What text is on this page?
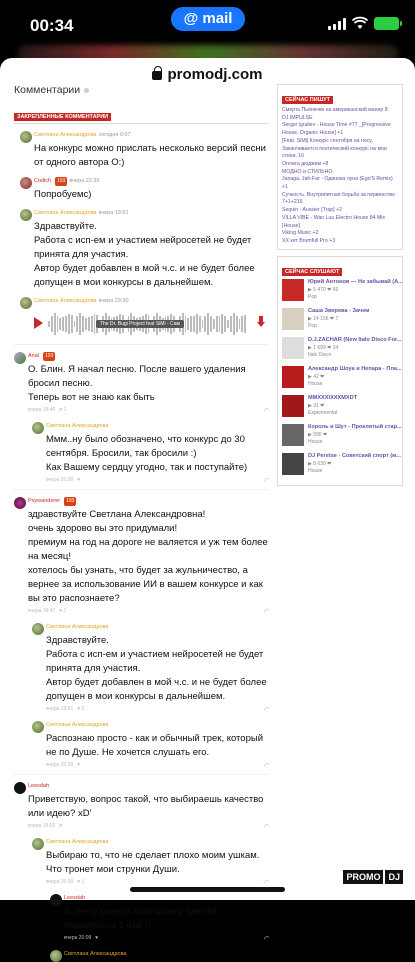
00:34	@ mail
promodj.com
Комментарии
ЗАКРЕПЛЕННЫЕ КОММЕНТАРИИ
Светлана Александрова сегодня 0:07
На конкурс можно прислать несколько версий песни от одного автора О:)
Codich 193 вчера 22:39
Попробуемс)
Светлана Александрова вчера 19:51
Здравствуйте.
Работа с исп-ем и участием нейросетей не будет принята для участия.
Автор будет добавлен в мой ч.с. и не будет более допущен в мои конкурсы в дальнейшем.
Светлана Александрова вчера 23:30
The Dr. Bugi Project feat SiMi - Сам
Anal 193
О. Блин. Я начал песню. После вашего удаления бросил песню.
Теперь вот не знаю как быть
вчера 19:40 ♥ 1	⤺
Светлана Александрова
Ммм..ну было обозначено, что конкурс до 30 сентября. Бросили, так бросили :)
Как Вашему сердцу угодно, так и поступайте)
вчера 20:09 ♥	⤺
Psywanderer 193
здравствуйте Светлана Александровна!
очень здорово вы это придумали!
премиум на год на дороге не валяется и уж тем более на месяц!
хотелось бы узнать, что будет за жульничество, а вернее за использование ИИ в вашем конкурсе и как вы это распознаете?
вчера 19:47 ♥ 1	⤺
Светлана Александрова
Здравствуйте.
Работа с исп-ем и участием нейросетей не будет принята для участия.
Автор будет добавлен в мой ч.с. и не будет более допущен в мои конкурсы в дальнейшем.
вчера 19:51 ♥ 2	⤺
Светлана Александрова
Распознаю просто - как и обычный трек, который не по Душе. Не хочется слушать его.
вчера 20:09 ♥	⤺
Leesdah
Приветствую, вопрос такой, что выбираешь качество или идею? xD'
вчера 19:52 ♥	⤺
Светлана Александрова
Выбираю то, что не сделает плохо моим ушкам. Что тронет мои струнки Души.
вчера 20:00 ♥ 1	⤺
Leesdah
В личку скинул колибровку сделай пожалуйста 1 или 0
вчера 20:09 ♥	⤺
Светлана Александрова
СЕЙЧАС ПИШУТ
Смерть Пьянечки на американский манер 8
DJ IMPULSE
Sergei Igraliev - House Time #77 _[Progressive House, Organic House] +1
[Feat. SiMi] Конкурс сентября на носу. Заканчивается поэтический конкурс на мои стихи. 16
Оплата дюджем +8
МОДНО и СТИЛЬНО
Janaga, Jah-Far - Одинока луна (Ego'S Remix) +1
Сучкость. Внутрипитная борьба за первенство 7+1+216
Sequin - Aussier [Trap] +2
VILLA VIBE - Wan Luu Electro House 84 Mix [House]
Viking Music +2
XX кет Brumfull Pro +3
СЕЙЧАС СЛУШАЮТ
Юрий Антонов — Не забывай (А...
▶ 5 470 ❤ 69
Pop
Саша Зверева - Зачем
▶ 14 156 ❤ 7
Pop
D.J.ZACHAR (New Italo Disco For...
▶ 1 699 ❤ 24
Italo Disco
Александр Шоуа и Непара - Пла...
▶ 42 ❤
House
MMXXXIXXXMXDT
▶ 31 ❤
Experimental
Король и Шут - Проклятый стар...
▶ 590 ❤
House
DJ Peretse - Советский спорт (м...
▶ 8 630 ❤
House
PROMO DJ
